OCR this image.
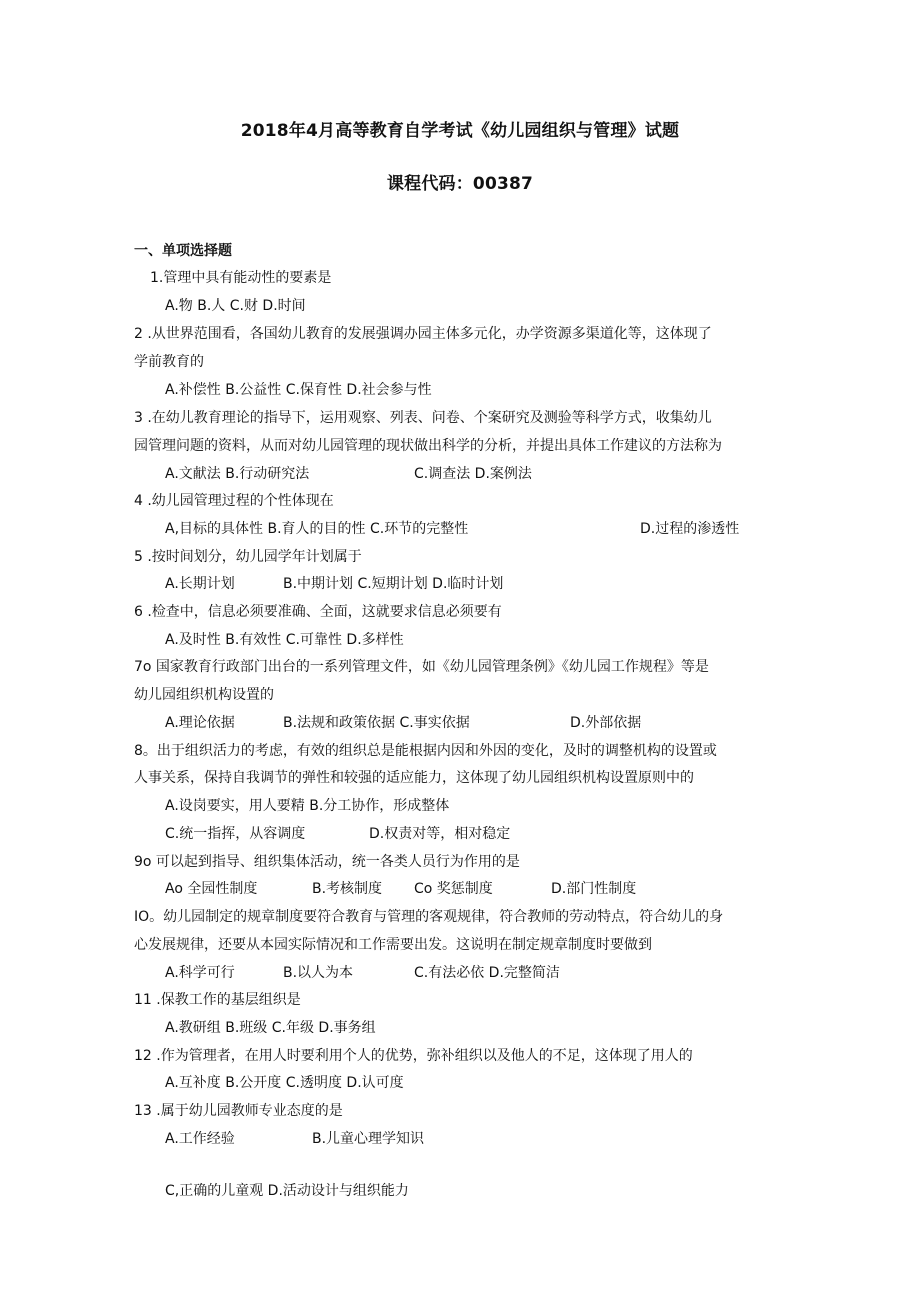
2018年4月高等教育自学考试《幼儿园组织与管理》试题
课程代码：00387
一、单项选择题
1.管理中具有能动性的要素是
A.物 B.人 C.财 D.时间
2 .从世界范围看，各国幼儿教育的发展强调办园主体多元化，办学资源多渠道化等，这体现了
学前教育的
A.补偿性 B.公益性 C.保育性 D.社会参与性
3 .在幼儿教育理论的指导下，运用观察、列表、问卷、个案研究及测验等科学方式，收集幼儿
园管理问题的资料，从而对幼儿园管理的现状做出科学的分析，并提出具体工作建议的方法称为
A.文献法 B.行动研究法	C.调查法 D.案例法
4 .幼儿园管理过程的个性体现在
A,目标的具体性 B.育人的目的性 C.环节的完整性	D.过程的渗透性
5 .按时间划分，幼儿园学年计划属于
A.长期计划	B.中期计划 C.短期计划 D.临时计划
6 .检查中，信息必须要准确、全面，这就要求信息必须要有
A.及时性 B.有效性 C.可靠性 D.多样性
7o 国家教育行政部门出台的一系列管理文件，如《幼儿园管理条例》《幼儿园工作规程》等是
幼儿园组织机构设置的
A.理论依据	B.法规和政策依据 C.事实依据	D.外部依据
8。出于组织活力的考虑，有效的组织总是能根据内因和外因的变化，及时的调整机构的设置或
人事关系，保持自我调节的弹性和较强的适应能力，这体现了幼儿园组织机构设置原则中的
A.设岗要实，用人要精 B.分工协作，形成整体
C.统一指挥，从容调度	D.权责对等，相对稳定
9o 可以起到指导、组织集体活动，统一各类人员行为作用的是
Ao 全园性制度	B.考核制度 Co 奖惩制度	D.部门性制度
IO。幼儿园制定的规章制度要符合教育与管理的客观规律，符合教师的劳动特点，符合幼儿的身
心发展规律，还要从本园实际情况和工作需要出发。这说明在制定规章制度时要做到
A.科学可行	B.以人为本	C.有法必依 D.完整简洁
11 .保教工作的基层组织是
A.教研组 B.班级 C.年级 D.事务组
12 .作为管理者，在用人时要利用个人的优势，弥补组织以及他人的不足，这体现了用人的
A.互补度 B.公开度 C.透明度 D.认可度
13 .属于幼儿园教师专业态度的是
A.工作经验	B.儿童心理学知识
C,正确的儿童观 D.活动设计与组织能力
